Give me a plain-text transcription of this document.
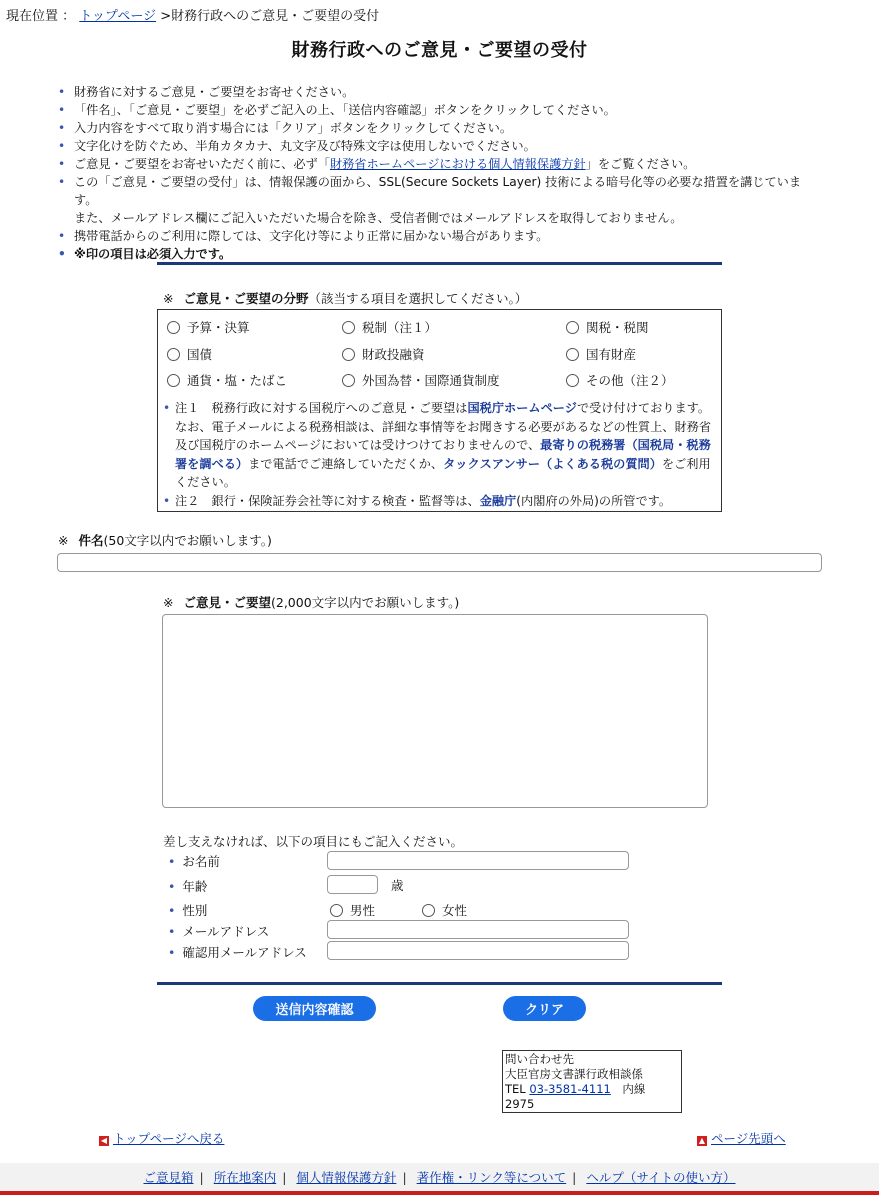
現在位置 ： トップページ >財務行政へのご意見・ご要望の受付
財務行政へのご意見・ご要望の受付
• 財務省に対するご意見・ご要望をお寄せください。
• 「件名」、「ご意見・ご要望」を必ずご記入の上、「送信内容確認」ボタンをクリックしてください。
• 入力内容をすべて取り消す場合には「クリア」ボタンをクリックしてください。
• 文字化けを防ぐため、半角カタカナ、丸文字及び特殊文字は使用しないでください。
• ご意見・ご要望をお寄せいただく前に、必ず「財務省ホームページにおける個人情報保護方針」をご覧ください。
• この「ご意見・ご要望の受付」は、情報保護の面から、SSL(Secure Sockets Layer) 技術による暗号化等の必要な措置を講じています。
また、メールアドレス欄にご記入いただいた場合を除き、受信者側ではメールアドレスを取得しておりません。
• 携帯電話からのご利用に際しては、文字化け等により正常に届かない場合があります。
• ※印の項目は必須入力です。
※ ご意見・ご要望の分野（該当する項目を選択してください。）
予算・決算	税制（注１）	関税・税関
国債	財政投融資	国有財産
通貨・塩・たばこ	外国為替・国際通貨制度	その他（注２）
• 注１　税務行政に対する国税庁へのご意見・ご要望は国税庁ホームページで受け付けております。なお、電子メールによる税務相談は、詳細な事情等をお聞きする必要があるなどの性質上、財務省及び国税庁のホームページにおいては受けつけておりませんので、最寄りの税務署（国税局・税務署を調べる）まで電話でご連絡していただくか、タックスアンサー（よくある税の質問）をご利用ください。
• 注２　銀行・保険証券会社等に対する検査・監督等は、金融庁(内閣府の外局)の所管です。
※ 件名(50文字以内でお願いします。)
※ ご意見・ご要望(2,000文字以内でお願いします。)
差し支えなければ、以下の項目にもご記入ください。
• お名前
• 年齢	歳
• 性別	男性	女性
• メールアドレス
• 確認用メールアドレス
送信内容確認	クリア
問い合わせ先
大臣官房文書課行政相談係
TEL 03-3581-4111　内線
2975
◀ トップページへ戻る	▲ ページ先頭へ
ご意見箱 | 所在地案内 | 個人情報保護方針 | 著作権・リンク等について | ヘルプ（サイトの使い方）
